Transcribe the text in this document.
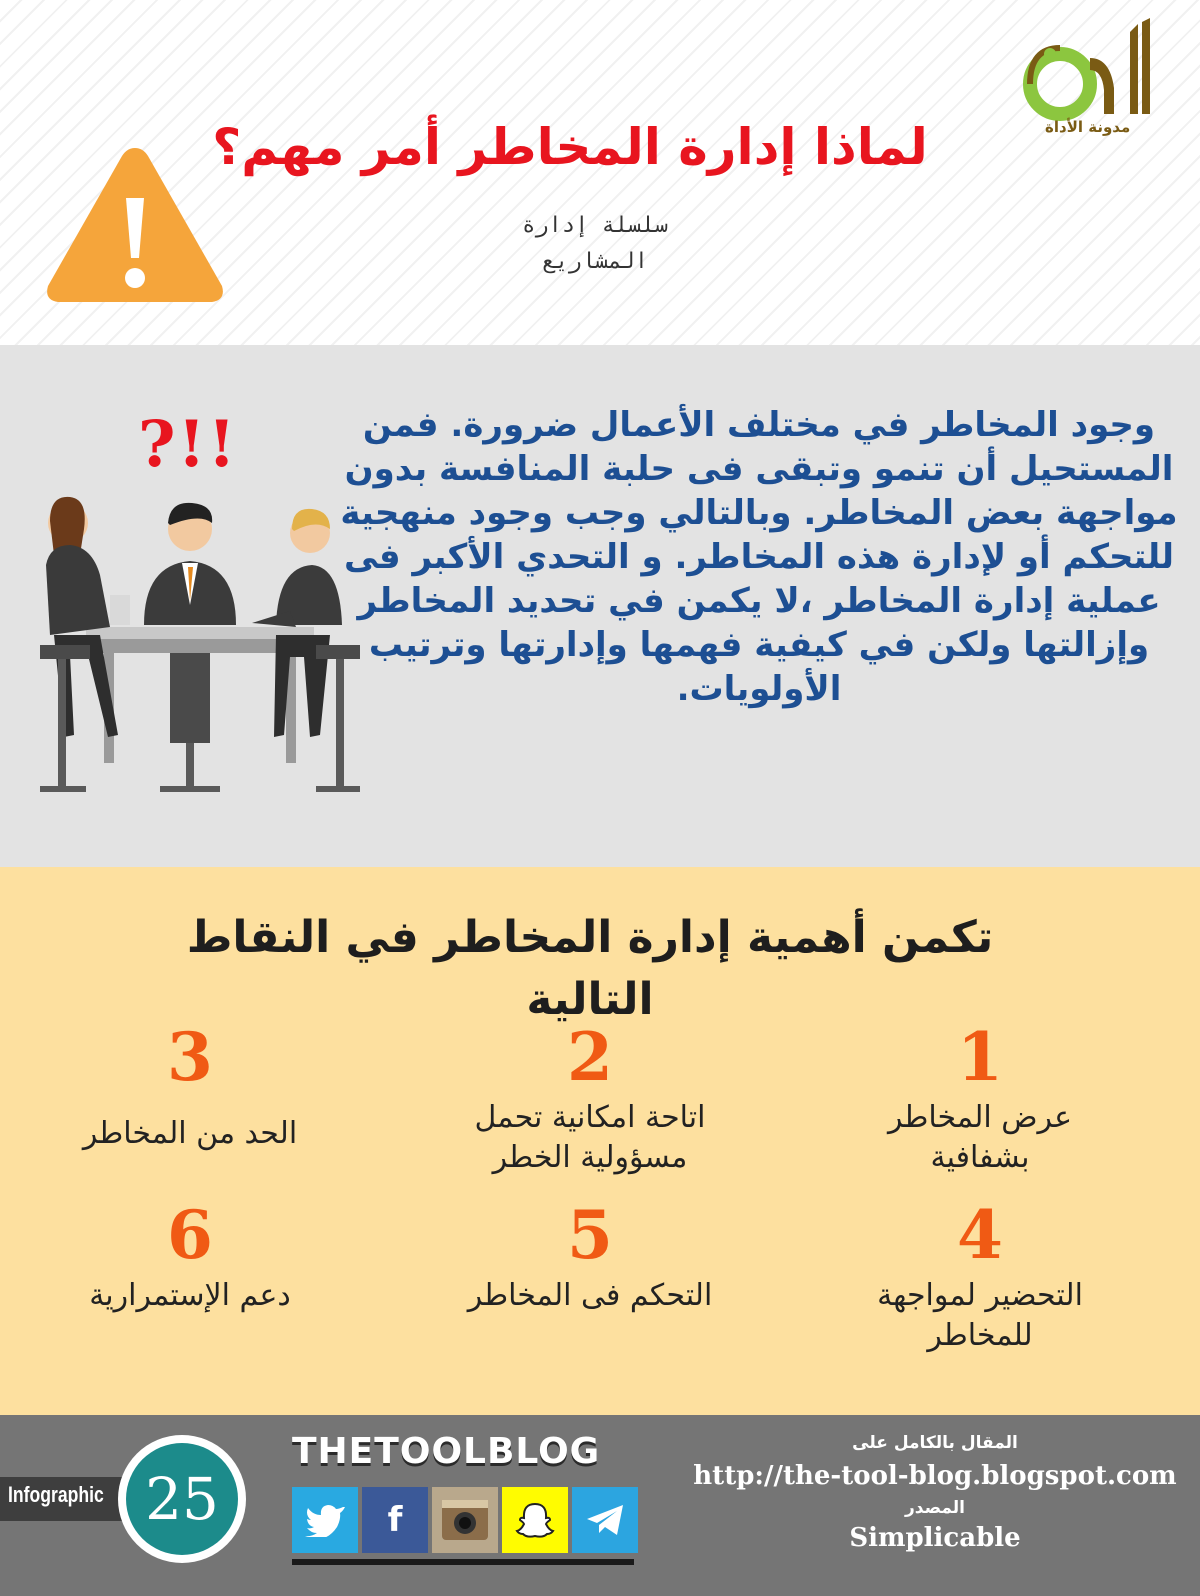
مدونة الأداة
لماذا إدارة المخاطر أمر مهم؟
سلسلة إدارة
المشاريع
?!!	وجود المخاطر في مختلف الأعمال ضرورة. فمن المستحيل أن تنمو وتبقى فى حلبة المنافسة بدون مواجهة بعض المخاطر. وبالتالي وجب وجود منهجية للتحكم أو لإدارة هذه المخاطر. و التحدي الأكبر فى عملية إدارة المخاطر ،لا يكمن في تحديد المخاطر وإزالتها ولكن في كيفية فهمها وإدارتها وترتيب الأولويات.
تكمن أهمية إدارة المخاطر في النقاط التالية
1
عرض المخاطر بشفافية
2
اتاحة امكانية تحمل مسؤولية الخطر
3
الحد من المخاطر
4
التحضير لمواجهة للمخاطر
5
التحكم فى المخاطر
6
دعم الإستمرارية
Infographic 25
THETOOLBLOG
f
المقال بالكامل على
http://the-tool-blog.blogspot.com
المصدر
Simplicable
